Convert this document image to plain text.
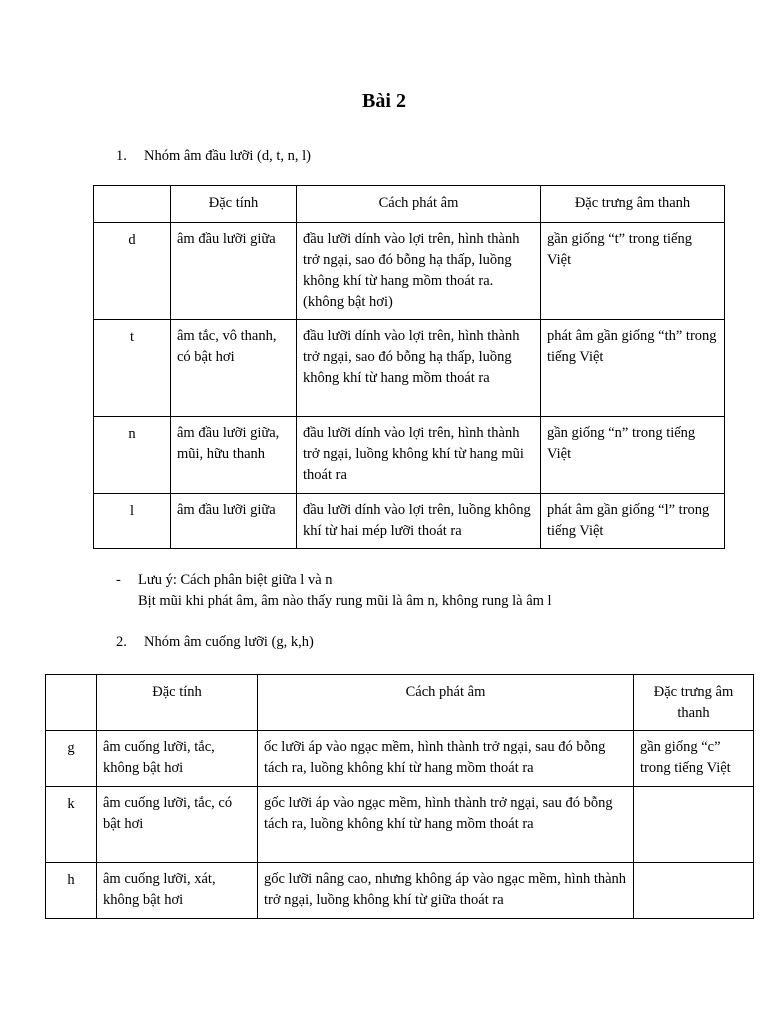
Bài 2
1. Nhóm âm đầu lưỡi (d, t, n, l)
	Đặc tính	Cách phát âm	Đặc trưng âm thanh
d	âm đầu lưỡi giữa	đầu lưỡi dính vào lợi trên, hình thành trở ngại, sao đó bỗng hạ thấp, luồng không khí từ hang mồm thoát ra.(không bật hơi)	gần giống “t” trong tiếng Việt
t	âm tắc, vô thanh, có bật hơi	đầu lưỡi dính vào lợi trên, hình thành trở ngại, sao đó bỗng hạ thấp, luồng không khí từ hang mồm thoát ra	phát âm gần giống “th” trong tiếng Việt
n	âm đầu lưỡi giữa, mũi, hữu thanh	đầu lưỡi dính vào lợi trên, hình thành trở ngại, luồng không khí từ hang mũi thoát ra	gần giống “n” trong tiếng Việt
l	âm đầu lưỡi giữa	đầu lưỡi dính vào lợi trên, luồng không khí từ hai mép lưỡi thoát ra	phát âm gần giống “l” trong tiếng Việt
-	Lưu ý: Cách phân biệt giữa l và n
Bịt mũi khi phát âm, âm nào thấy rung mũi là âm n, không rung là âm l
2. Nhóm âm cuống lưỡi (g, k,h)
	Đặc tính	Cách phát âm	Đặc trưng âm thanh
g	âm cuống lưỡi, tắc, không bật hơi	ốc lưỡi áp vào ngạc mềm, hình thành trở ngại, sau đó bỗng tách ra, luồng không khí từ hang mồm thoát ra	gần giống “c” trong tiếng Việt
k	âm cuống lưỡi, tắc, có bật hơi	gốc lưỡi áp vào ngạc mềm, hình thành trở ngại, sau đó bỗng tách ra, luồng không khí từ hang mồm thoát ra	
h	âm cuống lưỡi, xát, không bật hơi	gốc lưỡi nâng cao, nhưng không áp vào ngạc mềm, hình thành trở ngại, luồng không khí từ giữa thoát ra	
